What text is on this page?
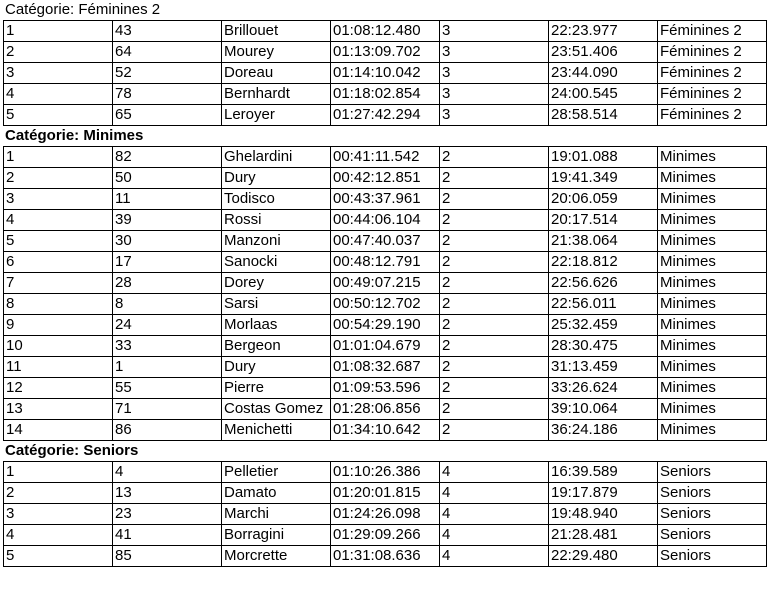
Catégorie: Féminines 2
1	43	Brillouet	01:08:12.480	3	22:23.977	Féminines 2
2	64	Mourey	01:13:09.702	3	23:51.406	Féminines 2
3	52	Doreau	01:14:10.042	3	23:44.090	Féminines 2
4	78	Bernhardt	01:18:02.854	3	24:00.545	Féminines 2
5	65	Leroyer	01:27:42.294	3	28:58.514	Féminines 2
Catégorie: Minimes
1	82	Ghelardini	00:41:11.542	2	19:01.088	Minimes
2	50	Dury	00:42:12.851	2	19:41.349	Minimes
3	11	Todisco	00:43:37.961	2	20:06.059	Minimes
4	39	Rossi	00:44:06.104	2	20:17.514	Minimes
5	30	Manzoni	00:47:40.037	2	21:38.064	Minimes
6	17	Sanocki	00:48:12.791	2	22:18.812	Minimes
7	28	Dorey	00:49:07.215	2	22:56.626	Minimes
8	8	Sarsi	00:50:12.702	2	22:56.011	Minimes
9	24	Morlaas	00:54:29.190	2	25:32.459	Minimes
10	33	Bergeon	01:01:04.679	2	28:30.475	Minimes
11	1	Dury	01:08:32.687	2	31:13.459	Minimes
12	55	Pierre	01:09:53.596	2	33:26.624	Minimes
13	71	Costas Gomez	01:28:06.856	2	39:10.064	Minimes
14	86	Menichetti	01:34:10.642	2	36:24.186	Minimes
Catégorie: Seniors
1	4	Pelletier	01:10:26.386	4	16:39.589	Seniors
2	13	Damato	01:20:01.815	4	19:17.879	Seniors
3	23	Marchi	01:24:26.098	4	19:48.940	Seniors
4	41	Borragini	01:29:09.266	4	21:28.481	Seniors
5	85	Morcrette	01:31:08.636	4	22:29.480	Seniors
